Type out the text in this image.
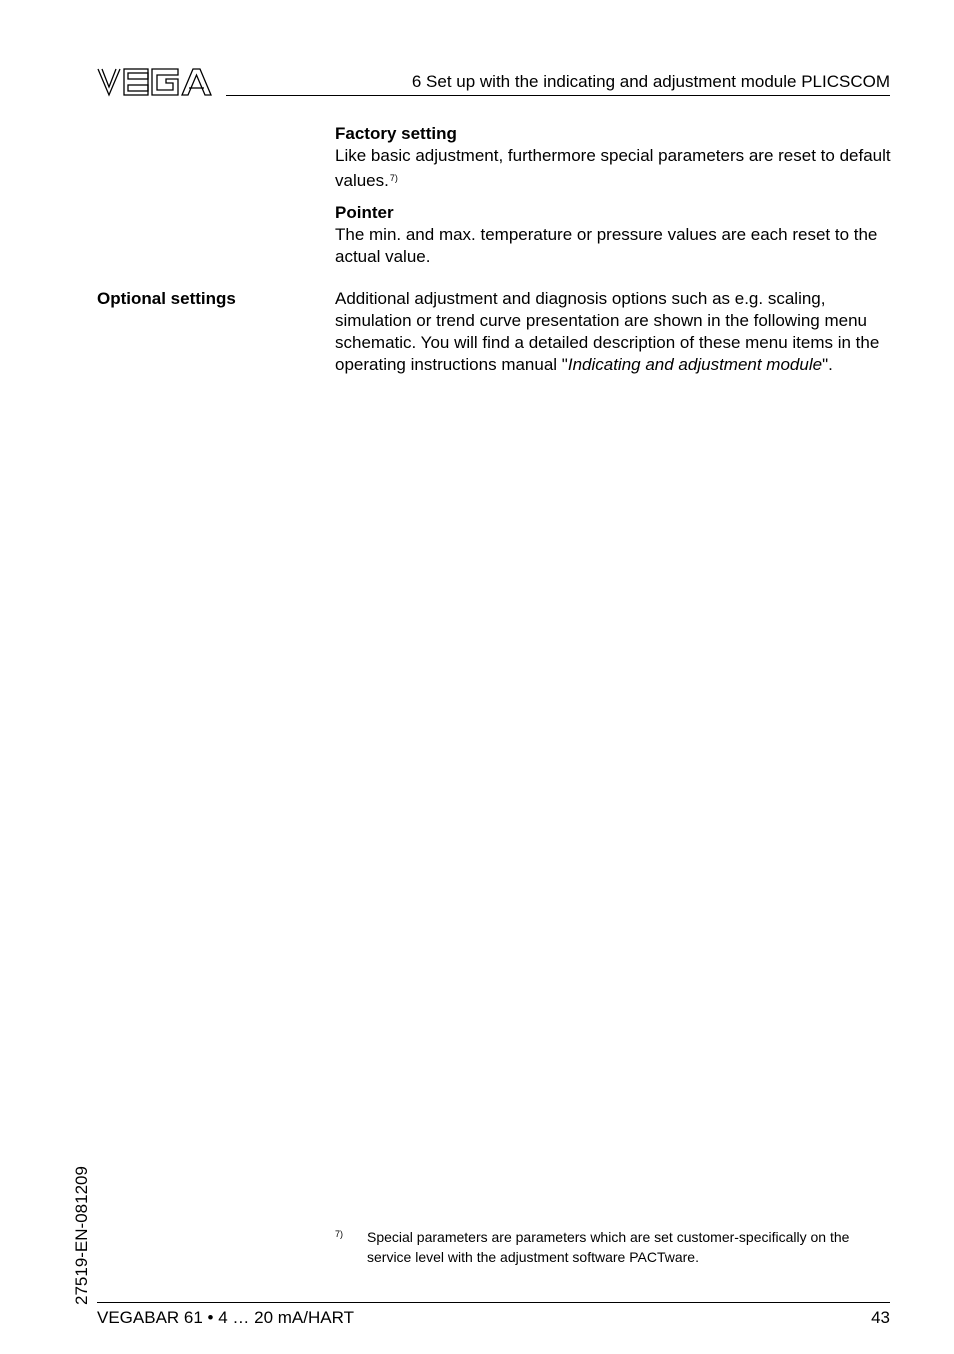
6 Set up with the indicating and adjustment module PLICSCOM
Factory setting

Like basic adjustment, furthermore special parameters are reset to default values.$^{7)}$

Pointer

The min. and max. temperature or pressure values are each reset to the actual value.

Optional settings	Additional adjustment and diagnosis options such as e.g. scaling, simulation or trend curve presentation are shown in the following menu schematic. You will find a detailed description of these menu items in the operating instructions manual "Indicating and adjustment module".

7) Special parameters are parameters which are set customer-specifically on the service level with the adjustment software PACTware.
27519-EN-081209
VEGABAR 61 • 4 … 20 mA/HART	43
